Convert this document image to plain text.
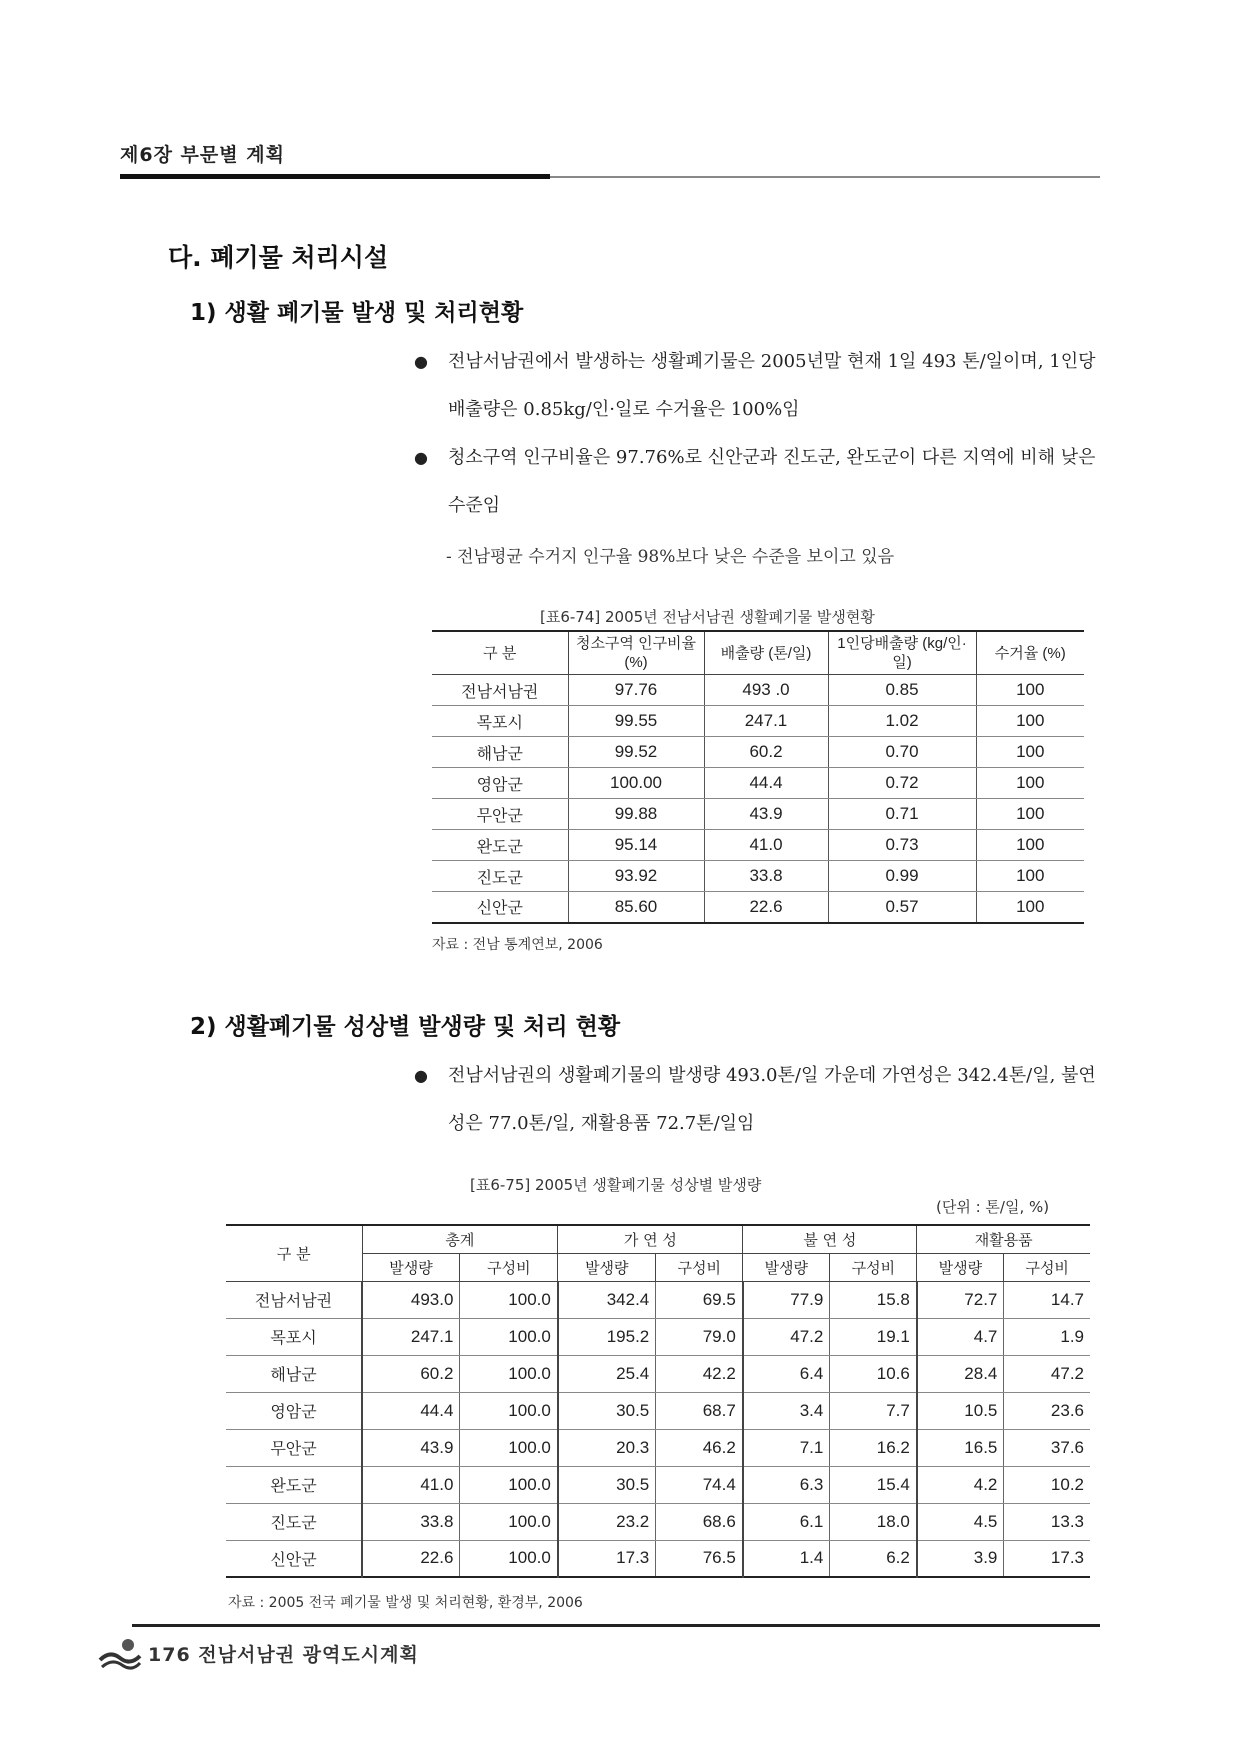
제6장 부문별 계획
다. 폐기물 처리시설
1) 생활 폐기물 발생 및 처리현황
●	전남서남권에서 발생하는 생활폐기물은 2005년말 현재 1일 493 톤/일이며, 1인당 배출량은 0.85kg/인·일로 수거율은 100%임
●	청소구역 인구비율은 97.76%로 신안군과 진도군, 완도군이 다른 지역에 비해 낮은 수준임
- 전남평균 수거지 인구율 98%보다 낮은 수준을 보이고 있음
[표6-74] 2005년 전남서남권 생활폐기물 발생현황
구 분	청소구역 인구비율(%)	배출량 (톤/일)	1인당배출량 (kg/인·일)	수거율 (%)
전남서남권	97.76	493 .0	0.85	100
목포시	99.55	247.1	1.02	100
해남군	99.52	60.2	0.70	100
영암군	100.00	44.4	0.72	100
무안군	99.88	43.9	0.71	100
완도군	95.14	41.0	0.73	100
진도군	93.92	33.8	0.99	100
신안군	85.60	22.6	0.57	100
자료 : 전남 통계연보, 2006
2) 생활폐기물 성상별 발생량 및 처리 현황
●	전남서남권의 생활폐기물의 발생량 493.0톤/일 가운데 가연성은 342.4톤/일, 불연성은 77.0톤/일, 재활용품 72.7톤/일임
[표6-75] 2005년 생활폐기물 성상별 발생량
(단위 : 톤/일, %)
구 분	총계		가 연 성		불 연 성		재활용품	
	발생량	구성비	발생량	구성비	발생량	구성비	발생량	구성비
전남서남권	493.0	100.0	342.4	69.5	77.9	15.8	72.7	14.7
목포시	247.1	100.0	195.2	79.0	47.2	19.1	4.7	1.9
해남군	60.2	100.0	25.4	42.2	6.4	10.6	28.4	47.2
영암군	44.4	100.0	30.5	68.7	3.4	7.7	10.5	23.6
무안군	43.9	100.0	20.3	46.2	7.1	16.2	16.5	37.6
완도군	41.0	100.0	30.5	74.4	6.3	15.4	4.2	10.2
진도군	33.8	100.0	23.2	68.6	6.1	18.0	4.5	13.3
신안군	22.6	100.0	17.3	76.5	1.4	6.2	3.9	17.3
자료 : 2005 전국 폐기물 발생 및 처리현황, 환경부, 2006
176 전남서남권 광역도시계획
